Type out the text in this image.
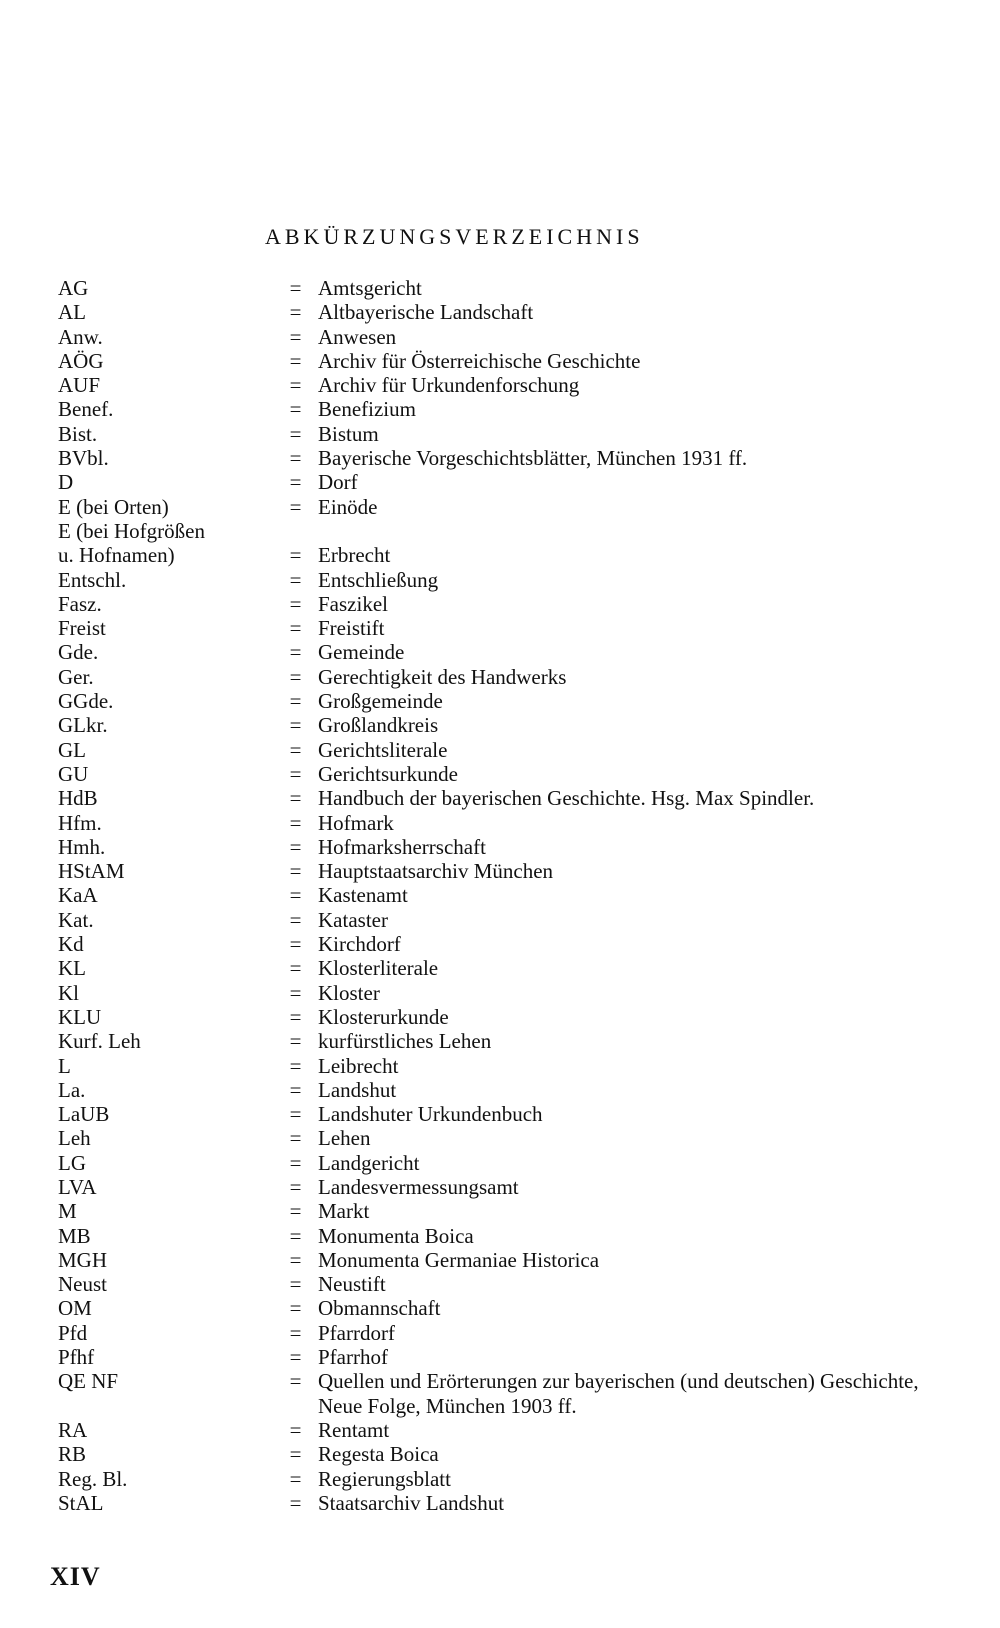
ABKÜRZUNGSVERZEICHNIS
AG	= Amtsgericht
AL	= Altbayerische Landschaft
Anw.	= Anwesen
AÖG	= Archiv für Österreichische Geschichte
AUF	= Archiv für Urkundenforschung
Benef.	= Benefizium
Bist.	= Bistum
BVbl.	= Bayerische Vorgeschichtsblätter, München 1931 ff.
D	= Dorf
E (bei Orten)	= Einöde
E (bei Hofgrößen
u. Hofnamen)	= Erbrecht
Entschl.	= Entschließung
Fasz.	= Faszikel
Freist	= Freistift
Gde.	= Gemeinde
Ger.	= Gerechtigkeit des Handwerks
GGde.	= Großgemeinde
GLkr.	= Großlandkreis
GL	= Gerichtsliterale
GU	= Gerichtsurkunde
HdB	= Handbuch der bayerischen Geschichte. Hsg. Max Spindler.
Hfm.	= Hofmark
Hmh.	= Hofmarksherrschaft
HStAM	= Hauptstaatsarchiv München
KaA	= Kastenamt
Kat.	= Kataster
Kd	= Kirchdorf
KL	= Klosterliterale
Kl	= Kloster
KLU	= Klosterurkunde
Kurf. Leh	= kurfürstliches Lehen
L	= Leibrecht
La.	= Landshut
LaUB	= Landshuter Urkundenbuch
Leh	= Lehen
LG	= Landgericht
LVA	= Landesvermessungsamt
M	= Markt
MB	= Monumenta Boica
MGH	= Monumenta Germaniae Historica
Neust	= Neustift
OM	= Obmannschaft
Pfd	= Pfarrdorf
Pfhf	= Pfarrhof
QE NF	= Quellen und Erörterungen zur bayerischen (und deutschen) Geschichte, Neue Folge, München 1903 ff.
RA	= Rentamt
RB	= Regesta Boica
Reg. Bl.	= Regierungsblatt
StAL	= Staatsarchiv Landshut
XIV
